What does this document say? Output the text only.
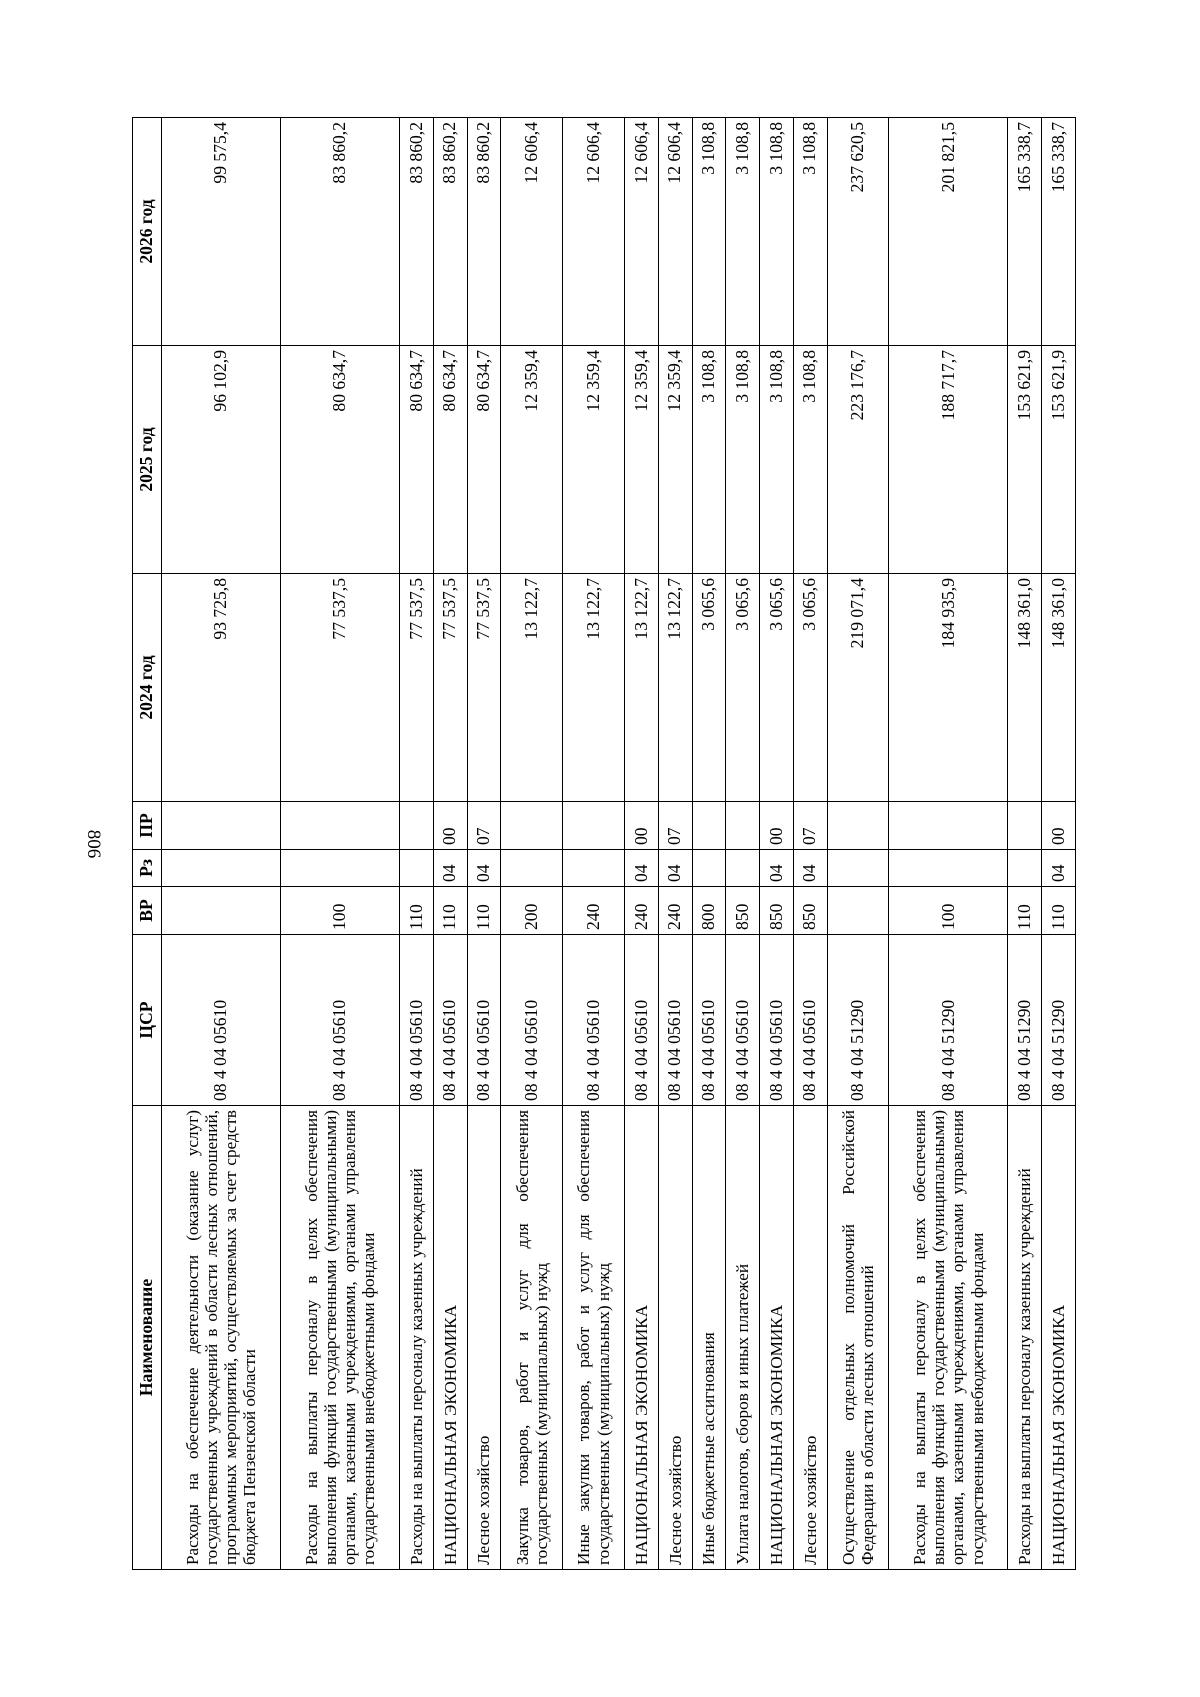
806
Наименование	ЦСР	ВР	Рз	ПР	2024 год	2025 год	2026 год
Расходы на обеспечение деятельности (оказание услуг) государственных учреждений в области лесных отношений, программных мероприятий, осуществляемых за счет средств бюджета Пензенской области	08 4 04 05610				93 725,8	96 102,9	99 575,4
Расходы на выплаты персоналу в целях обеспечения выполнения функций государственными (муниципальными) органами, казенными учреждениями, органами управления государственными внебюджетными фондами	08 4 04 05610	100			77 537,5	80 634,7	83 860,2
Расходы на выплаты персоналу казенных учреждений	08 4 04 05610	110			77 537,5	80 634,7	83 860,2
НАЦИОНАЛЬНАЯ ЭКОНОМИКА	08 4 04 05610	110	04	00	77 537,5	80 634,7	83 860,2
Лесное хозяйство	08 4 04 05610	110	04	07	77 537,5	80 634,7	83 860,2
Закупка товаров, работ и услуг для обеспечения государственных (муниципальных) нужд	08 4 04 05610	200			13 122,7	12 359,4	12 606,4
Иные закупки товаров, работ и услуг для обеспечения государственных (муниципальных) нужд	08 4 04 05610	240			13 122,7	12 359,4	12 606,4
НАЦИОНАЛЬНАЯ ЭКОНОМИКА	08 4 04 05610	240	04	00	13 122,7	12 359,4	12 606,4
Лесное хозяйство	08 4 04 05610	240	04	07	13 122,7	12 359,4	12 606,4
Иные бюджетные ассигнования	08 4 04 05610	800			3 065,6	3 108,8	3 108,8
Уплата налогов, сборов и иных платежей	08 4 04 05610	850			3 065,6	3 108,8	3 108,8
НАЦИОНАЛЬНАЯ ЭКОНОМИКА	08 4 04 05610	850	04	00	3 065,6	3 108,8	3 108,8
Лесное хозяйство	08 4 04 05610	850	04	07	3 065,6	3 108,8	3 108,8
Осуществление отдельных полномочий Российской Федерации в области лесных отношений	08 4 04 51290				219 071,4	223 176,7	237 620,5
Расходы на выплаты персоналу в целях обеспечения выполнения функций государственными (муниципальными) органами, казенными учреждениями, органами управления государственными внебюджетными фондами	08 4 04 51290	100			184 935,9	188 717,7	201 821,5
Расходы на выплаты персоналу казенных учреждений	08 4 04 51290	110			148 361,0	153 621,9	165 338,7
НАЦИОНАЛЬНАЯ ЭКОНОМИКА	08 4 04 51290	110	04	00	148 361,0	153 621,9	165 338,7
